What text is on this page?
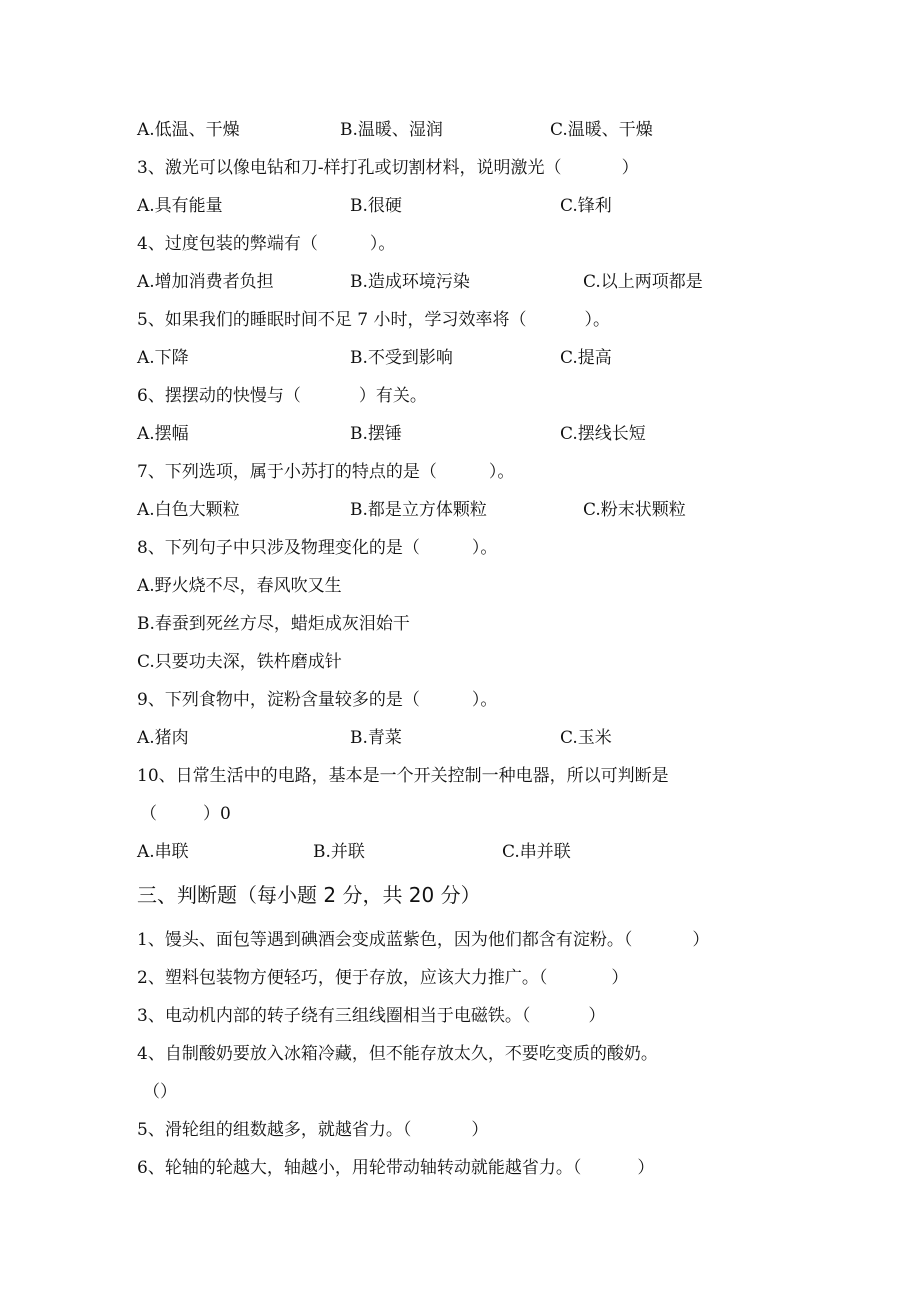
A.低温、干燥	B.温暖、湿润	C.温暖、干燥
3、激光可以像电钻和刀-样打孔或切割材料，说明激光（	）
A.具有能量	B.很硬	C.锋利
4、过度包装的弊端有（	）。
A.增加消费者负担	B.造成环境污染	C.以上两项都是
5、如果我们的睡眠时间不足 7 小时，学习效率将（	）。
A.下降	B.不受到影响	C.提高
6、摆摆动的快慢与（	）有关。
A.摆幅	B.摆锤	C.摆线长短
7、下列选项，属于小苏打的特点的是（	）。
A.白色大颗粒	B.都是立方体颗粒	C.粉末状颗粒
8、下列句子中只涉及物理变化的是（	）。
A.野火烧不尽，春风吹又生
B.春蚕到死丝方尽，蜡炬成灰泪始干
C.只要功夫深，铁杵磨成针
9、下列食物中，淀粉含量较多的是（	）。
A.猪肉	B.青菜	C.玉米
10、日常生活中的电路，基本是一个开关控制一种电器，所以可判断是
（	）0
A.串联	B.并联	C.串并联
三、判断题（每小题 2 分，共 20 分）
1、馒头、面包等遇到碘酒会变成蓝紫色，因为他们都含有淀粉。（	）
2、塑料包装物方便轻巧，便于存放，应该大力推广。（	）
3、电动机内部的转子绕有三组线圈相当于电磁铁。（	）
4、自制酸奶要放入冰箱冷藏，但不能存放太久，不要吃变质的酸奶。
（）
5、滑轮组的组数越多，就越省力。（	）
6、轮轴的轮越大，轴越小，用轮带动轴转动就能越省力。（	）
